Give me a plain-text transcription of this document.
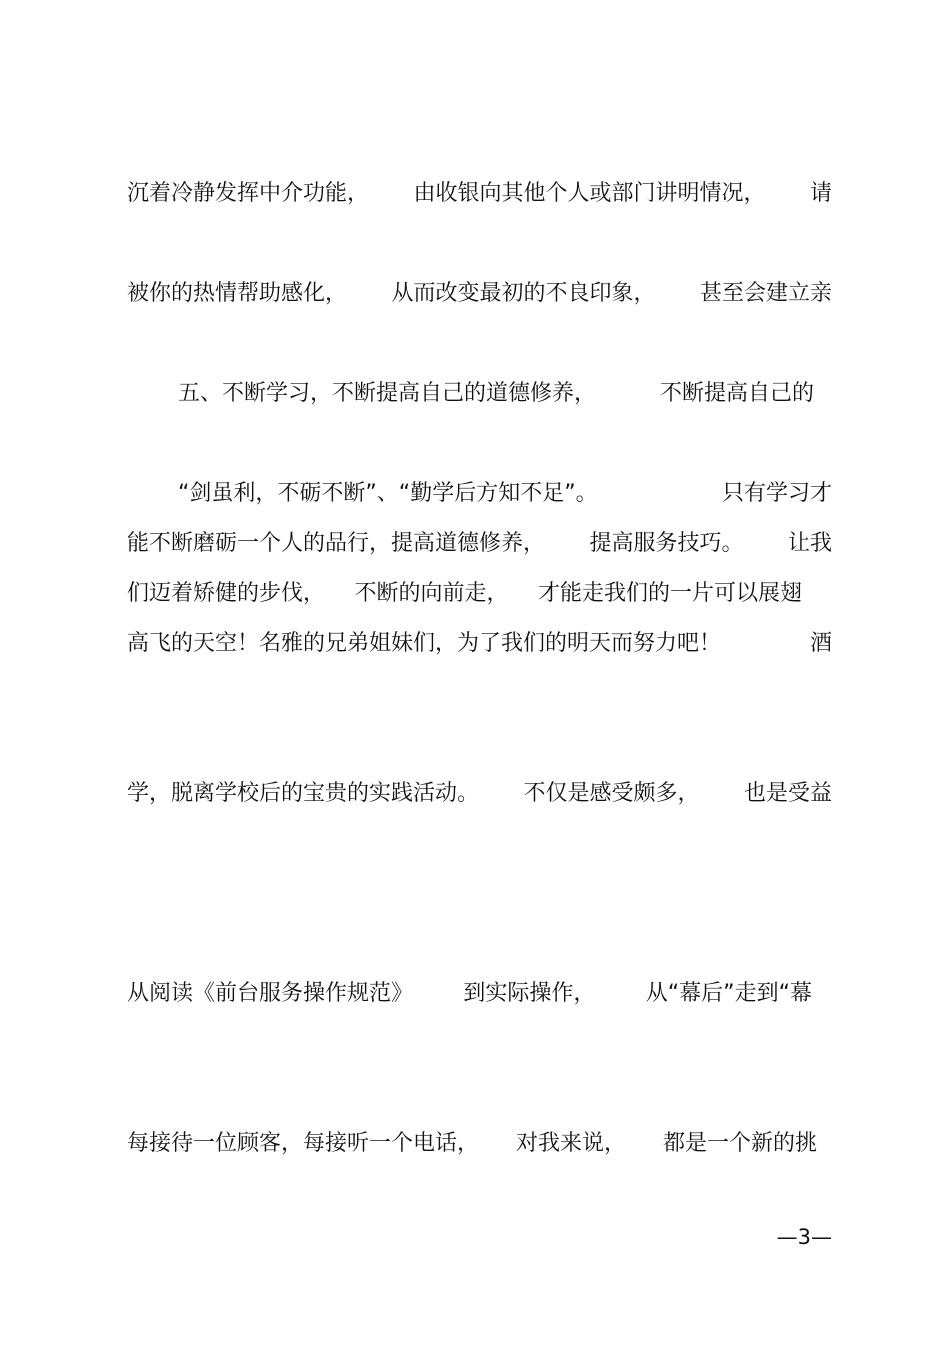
沉着冷静发挥中介功能， 由收银向其他个人或部门讲明情况， 请

被你的热情帮助感化， 从而改变最初的不良印象， 甚至会建立亲

五、不断学习，不断提高自己的道德修养，	不断提高自己的

“剑虽利，不砺不断”、“勤学后方知不足”。	只有学习才
能不断磨砺一个人的品行，提高道德修养， 提高服务技巧。 让我
们迈着矫健的步伐， 不断的向前走， 才能走我们的一片可以展翅
高飞的天空！名雅的兄弟姐妹们，为了我们的明天而努力吧！	酒

学，脱离学校后的宝贵的实践活动。 不仅是感受颇多， 也是受益

从阅读《前台服务操作规范》 到实际操作， 从“幕后”走到“幕

每接待一位顾客，每接听一个电话， 对我来说， 都是一个新的挑
—3—
